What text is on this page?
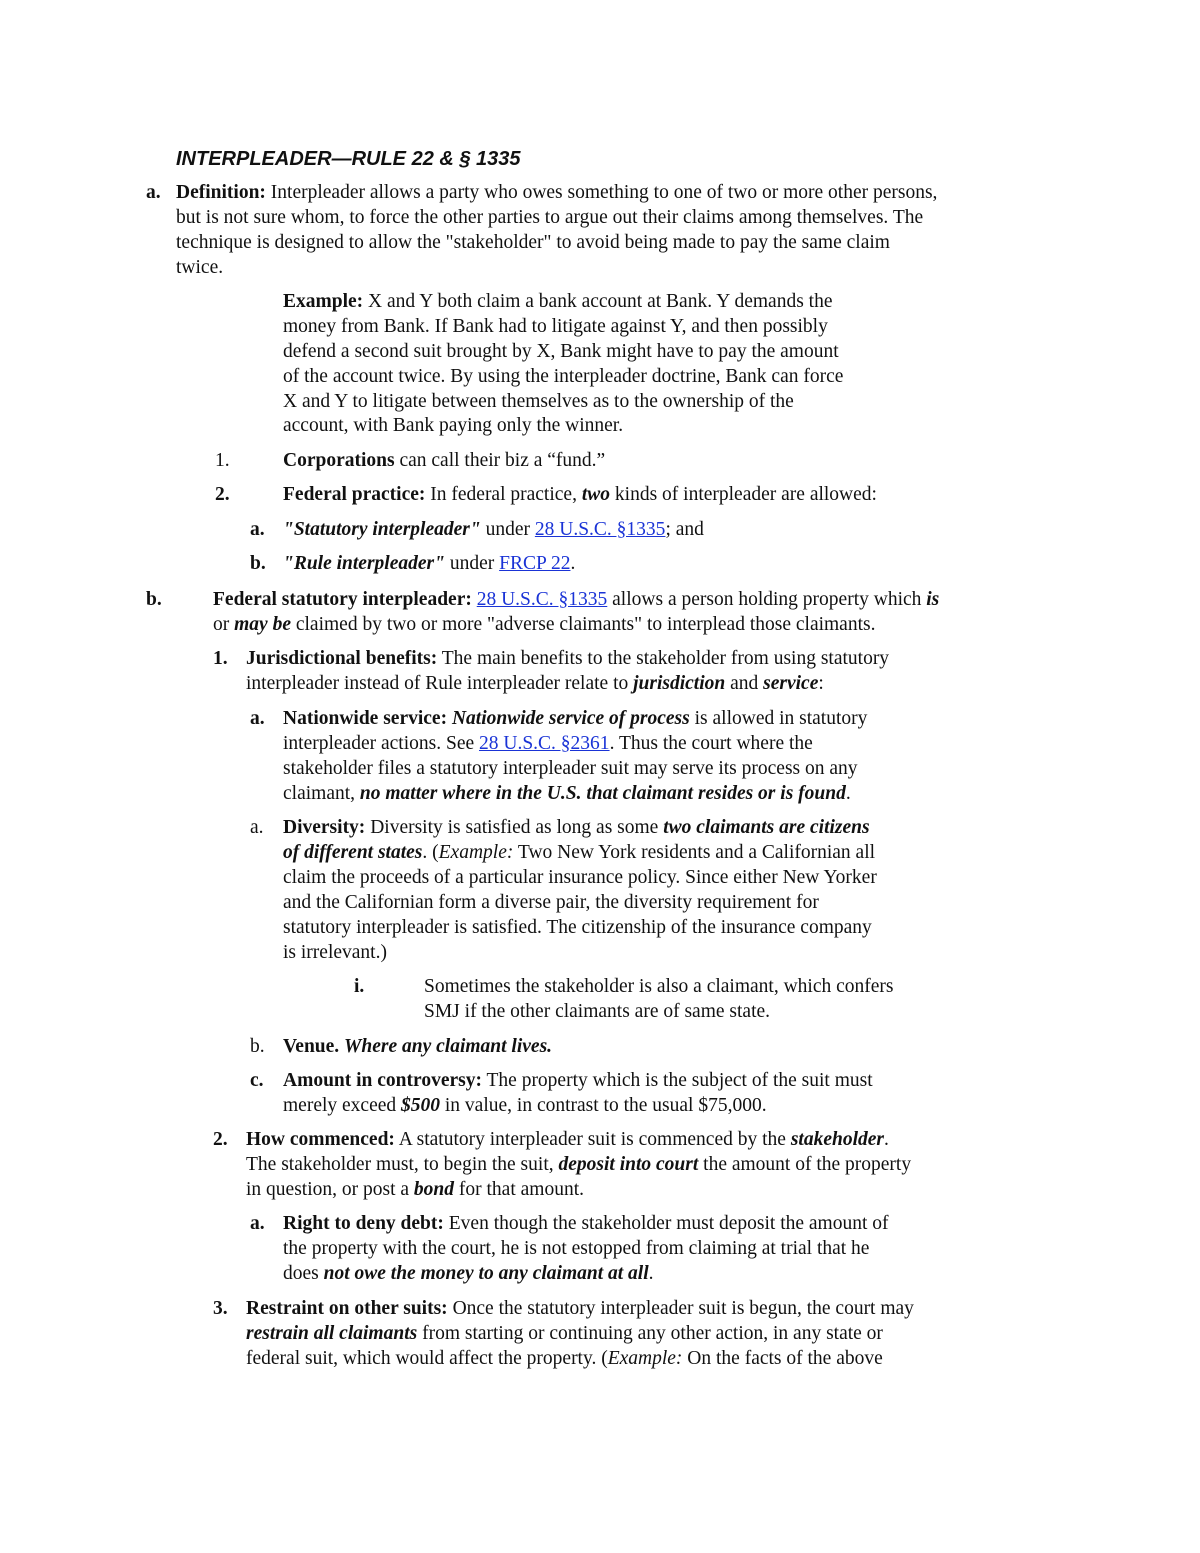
INTERPLEADER—RULE 22 & § 1335
a. Definition: Interpleader allows a party who owes something to one of two or more other persons,
but is not sure whom, to force the other parties to argue out their claims among themselves. The
technique is designed to allow the "stakeholder" to avoid being made to pay the same claim
twice.
Example: X and Y both claim a bank account at Bank. Y demands the
money from Bank. If Bank had to litigate against Y, and then possibly
defend a second suit brought by X, Bank might have to pay the amount
of the account twice. By using the interpleader doctrine, Bank can force
X and Y to litigate between themselves as to the ownership of the
account, with Bank paying only the winner.
1.	Corporations can call their biz a “fund.”
2.	Federal practice: In federal practice, two kinds of interpleader are allowed:
a. "Statutory interpleader" under 28 U.S.C. §1335; and
b. "Rule interpleader" under FRCP 22.
b.	Federal statutory interpleader: 28 U.S.C. §1335 allows a person holding property which is
or may be claimed by two or more "adverse claimants" to interplead those claimants.
1. Jurisdictional benefits: The main benefits to the stakeholder from using statutory
interpleader instead of Rule interpleader relate to jurisdiction and service:
a. Nationwide service: Nationwide service of process is allowed in statutory
interpleader actions. See 28 U.S.C. §2361. Thus the court where the
stakeholder files a statutory interpleader suit may serve its process on any
claimant, no matter where in the U.S. that claimant resides or is found.
a. Diversity: Diversity is satisfied as long as some two claimants are citizens
of different states. (Example: Two New York residents and a Californian all
claim the proceeds of a particular insurance policy. Since either New Yorker
and the Californian form a diverse pair, the diversity requirement for
statutory interpleader is satisfied. The citizenship of the insurance company
is irrelevant.)
i.	Sometimes the stakeholder is also a claimant, which confers
SMJ if the other claimants are of same state.
b. Venue. Where any claimant lives.
c. Amount in controversy: The property which is the subject of the suit must
merely exceed $500 in value, in contrast to the usual $75,000.
2. How commenced: A statutory interpleader suit is commenced by the stakeholder.
The stakeholder must, to begin the suit, deposit into court the amount of the property
in question, or post a bond for that amount.
a. Right to deny debt: Even though the stakeholder must deposit the amount of
the property with the court, he is not estopped from claiming at trial that he
does not owe the money to any claimant at all.
3. Restraint on other suits: Once the statutory interpleader suit is begun, the court may
restrain all claimants from starting or continuing any other action, in any state or
federal suit, which would affect the property. (Example: On the facts of the above
